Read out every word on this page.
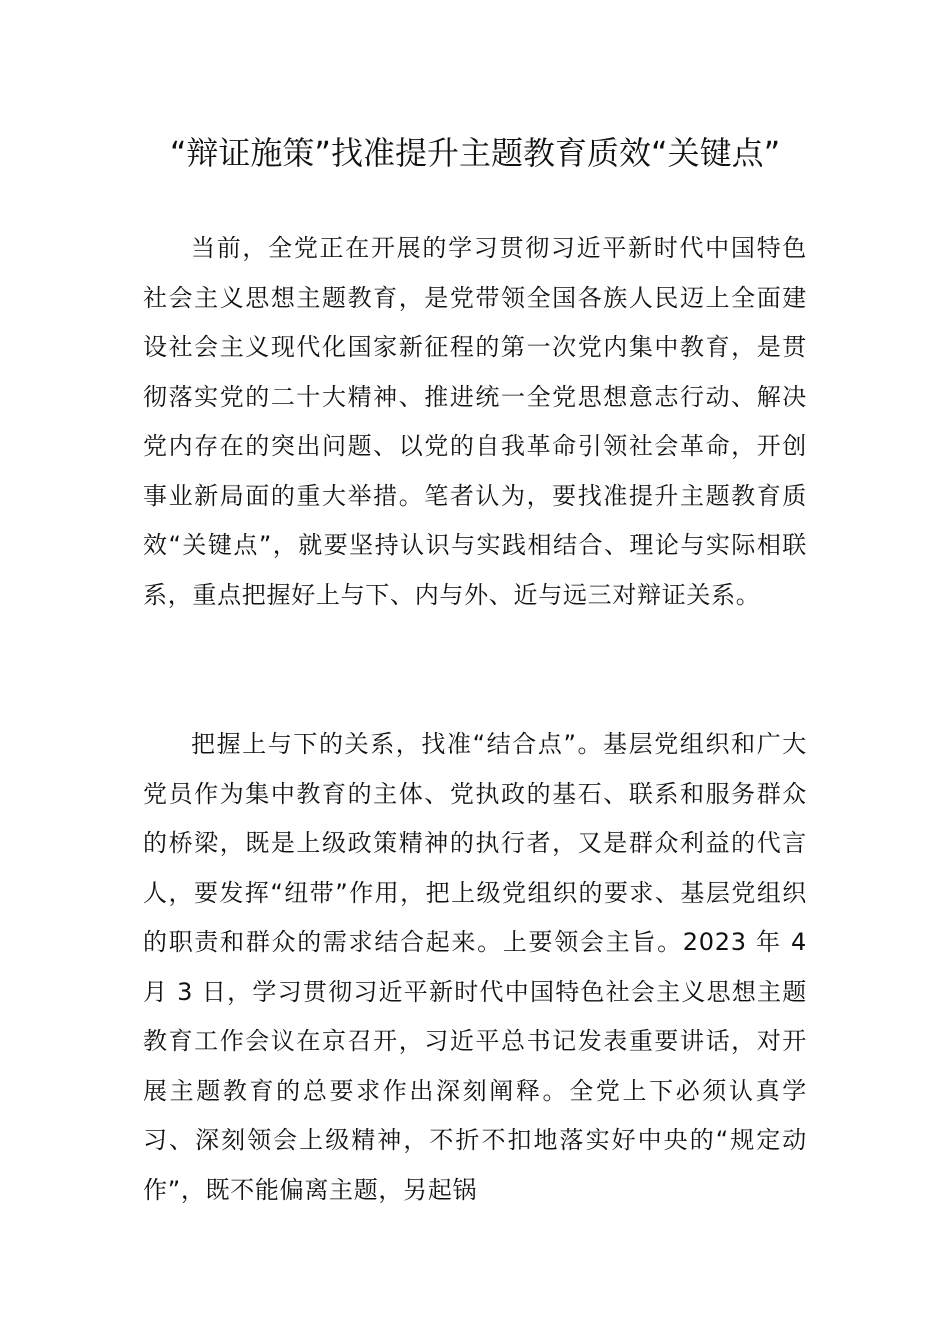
“辩证施策”找准提升主题教育质效“关键点”

当前，全党正在开展的学习贯彻习近平新时代中国特色社会主义思想主题教育，是党带领全国各族人民迈上全面建设社会主义现代化国家新征程的第一次党内集中教育，是贯彻落实党的二十大精神、推进统一全党思想意志行动、解决党内存在的突出问题、以党的自我革命引领社会革命，开创事业新局面的重大举措。笔者认为，要找准提升主题教育质效“关键点”，就要坚持认识与实践相结合、理论与实际相联系，重点把握好上与下、内与外、近与远三对辩证关系。

把握上与下的关系，找准“结合点”。基层党组织和广大党员作为集中教育的主体、党执政的基石、联系和服务群众的桥梁，既是上级政策精神的执行者，又是群众利益的代言人，要发挥“纽带”作用，把上级党组织的要求、基层党组织的职责和群众的需求结合起来。上要领会主旨。2023 年 4 月 3 日，学习贯彻习近平新时代中国特色社会主义思想主题教育工作会议在京召开，习近平总书记发表重要讲话，对开展主题教育的总要求作出深刻阐释。全党上下必须认真学习、深刻领会上级精神，不折不扣地落实好中央的“规定动作”，既不能偏离主题，另起锅
